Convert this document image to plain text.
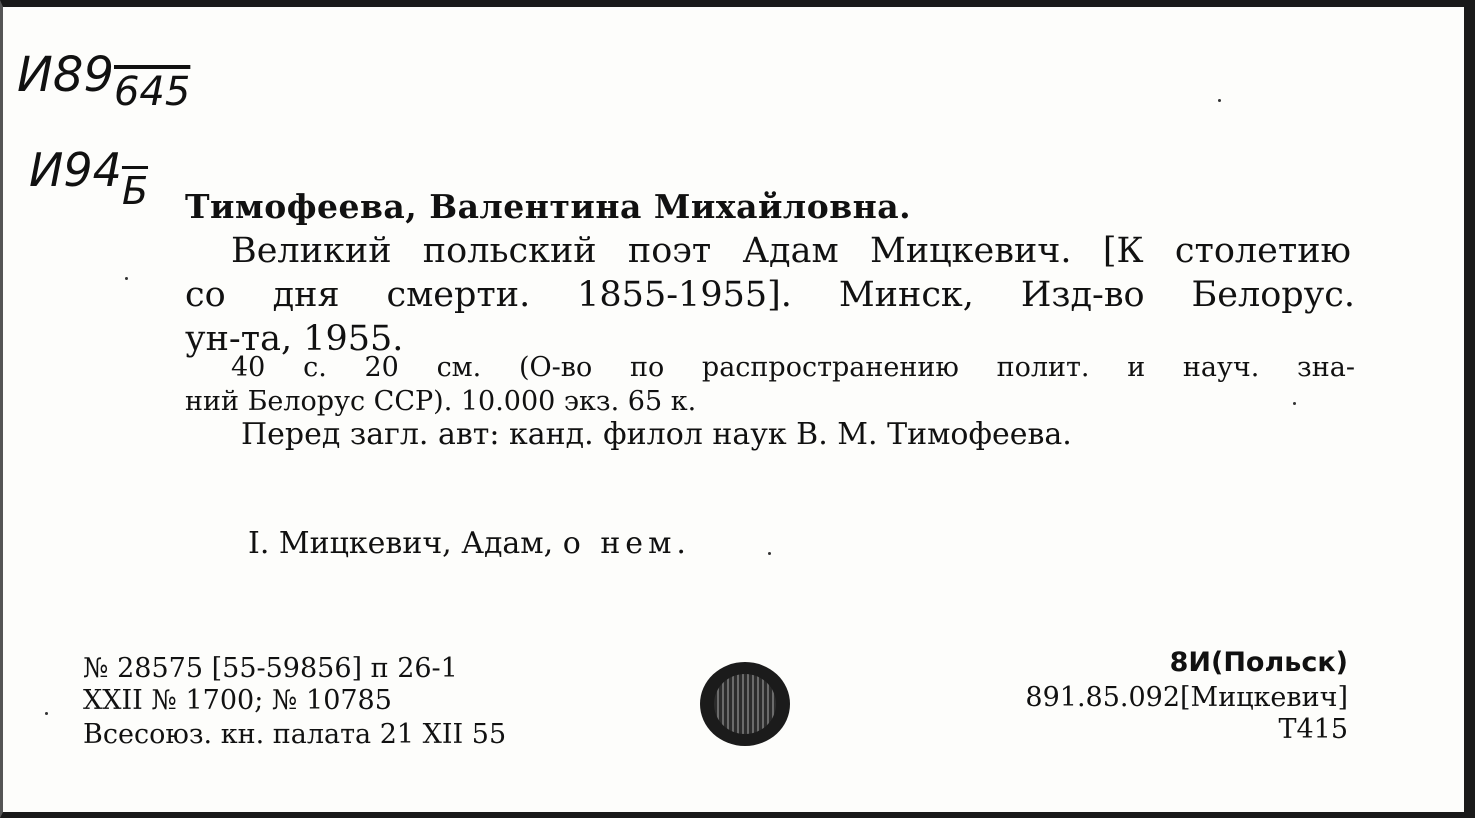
$И89_{645}$
$И94_Б$ Тимофеева, Валентина Михайловна.
Великий польский поэт Адам Мицкевич. [К столетию
со дня смерти. 1855-1955]. Минск, Изд-во Белорус.
ун-та, 1955.
40 с. 20 см. (О-во по распространению полит. и науч. зна-
ний Белорус ССР). 10.000 экз. 65 к.
Перед загл. авт: канд. филол наук В. М. Тимофеева.
I. Мицкевич, Адам, о нем.
№ 28575 [55-59856] п 26-1
XXII № 1700; № 10785
Всесоюз. кн. палата 21 XII 55
8И(Польск)
891.85.092[Мицкевич]
Т415
